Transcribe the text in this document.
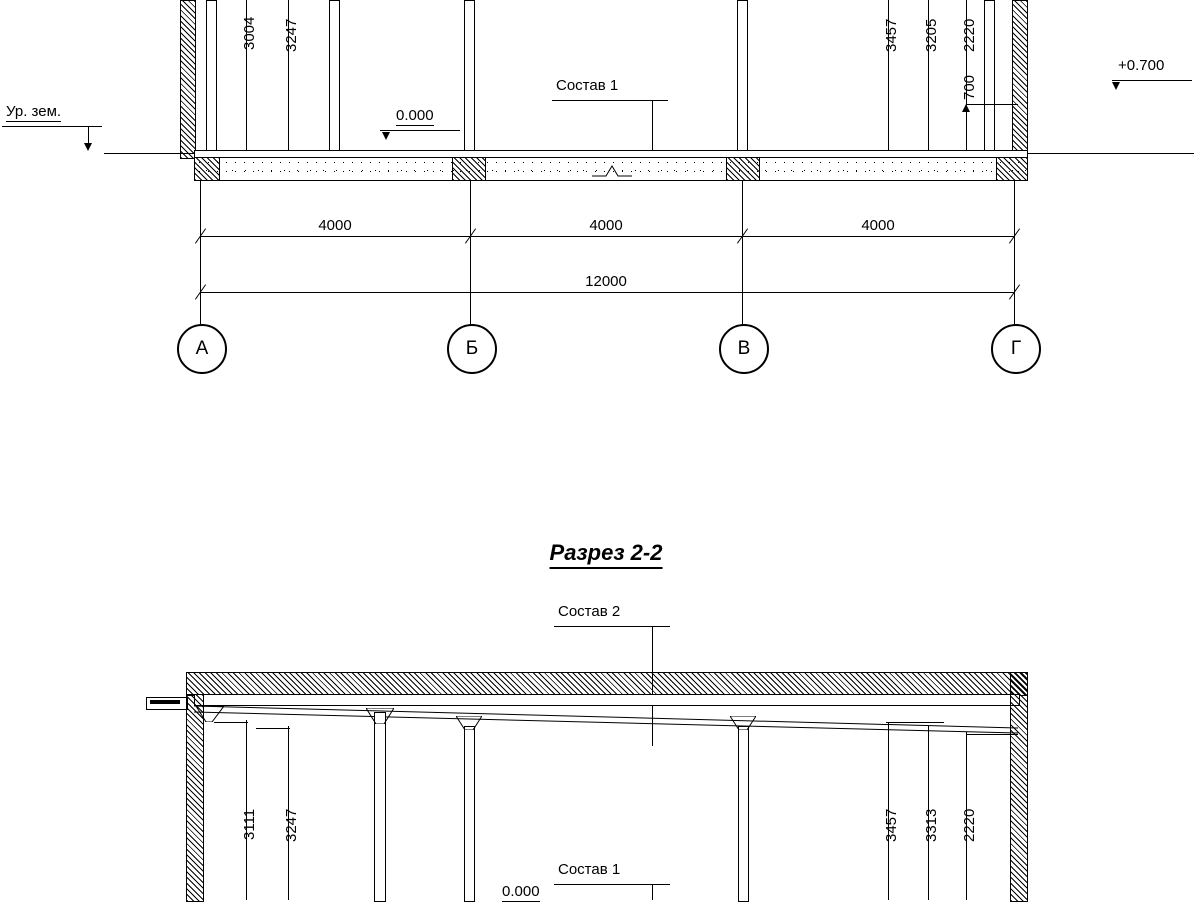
3004 3247	3457 3205 2220
700
+0.700
Ур. зем.	0.000
Состав 1
4000	4000	4000
12000
А	Б	В	Г
Разрез 2-2
Состав 2
3111 3247	3457 3313 2220
Состав 1
0.000
